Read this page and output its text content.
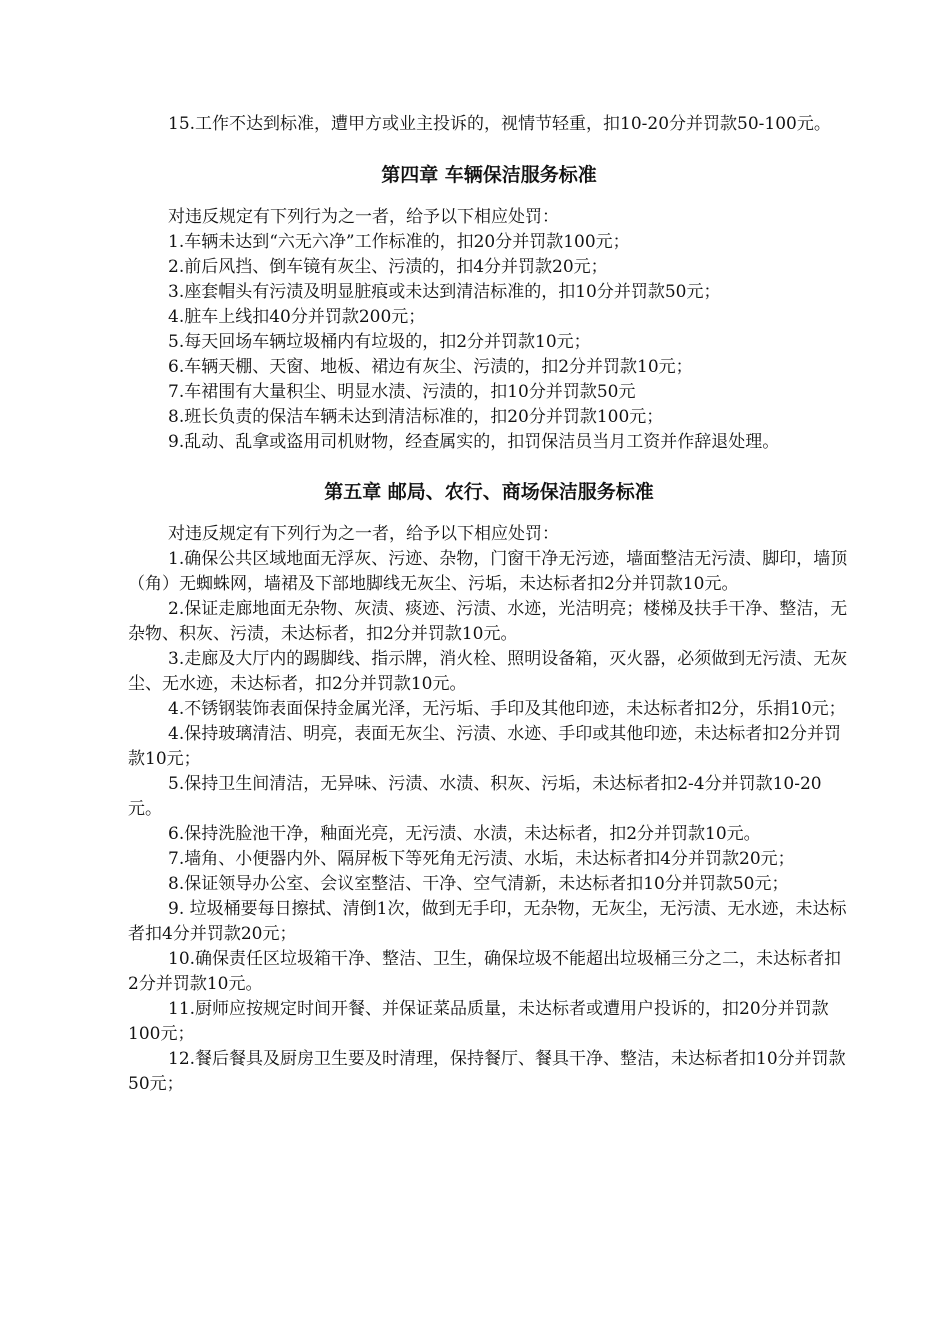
15.工作不达到标准，遭甲方或业主投诉的，视情节轻重，扣10-20分并罚款50-100元。

第四章 车辆保洁服务标准

对违反规定有下列行为之一者，给予以下相应处罚：

1.车辆未达到“六无六净”工作标准的，扣20分并罚款100元；

2.前后风挡、倒车镜有灰尘、污渍的，扣4分并罚款20元；

3.座套帽头有污渍及明显脏痕或未达到清洁标准的，扣10分并罚款50元；

4.脏车上线扣40分并罚款200元；

5.每天回场车辆垃圾桶内有垃圾的，扣2分并罚款10元；

6.车辆天棚、天窗、地板、裙边有灰尘、污渍的，扣2分并罚款10元；

7.车裙围有大量积尘、明显水渍、污渍的，扣10分并罚款50元

8.班长负责的保洁车辆未达到清洁标准的，扣20分并罚款100元；

9.乱动、乱拿或盗用司机财物，经查属实的，扣罚保洁员当月工资并作辞退处理。

第五章 邮局、农行、商场保洁服务标准

对违反规定有下列行为之一者，给予以下相应处罚：

1.确保公共区域地面无浮灰、污迹、杂物，门窗干净无污迹，墙面整洁无污渍、脚印，墙顶（角）无蜘蛛网，墙裙及下部地脚线无灰尘、污垢，未达标者扣2分并罚款10元。

2.保证走廊地面无杂物、灰渍、痰迹、污渍、水迹，光洁明亮；楼梯及扶手干净、整洁，无杂物、积灰、污渍，未达标者，扣2分并罚款10元。

3.走廊及大厅内的踢脚线、指示牌，消火栓、照明设备箱，灭火器，必须做到无污渍、无灰尘、无水迹，未达标者，扣2分并罚款10元。

4.不锈钢装饰表面保持金属光泽，无污垢、手印及其他印迹，未达标者扣2分，乐捐10元；

4.保持玻璃清洁、明亮，表面无灰尘、污渍、水迹、手印或其他印迹，未达标者扣2分并罚款10元；

5.保持卫生间清洁，无异味、污渍、水渍、积灰、污垢，未达标者扣2-4分并罚款10-20元。

6.保持洗脸池干净，釉面光亮，无污渍、水渍，未达标者，扣2分并罚款10元。

7.墙角、小便器内外、隔屏板下等死角无污渍、水垢，未达标者扣4分并罚款20元；

8.保证领导办公室、会议室整洁、干净、空气清新，未达标者扣10分并罚款50元；

9. 垃圾桶要每日擦拭、清倒1次，做到无手印，无杂物，无灰尘，无污渍、无水迹，未达标者扣4分并罚款20元；

10.确保责任区垃圾箱干净、整洁、卫生，确保垃圾不能超出垃圾桶三分之二，未达标者扣2分并罚款10元。

11.厨师应按规定时间开餐、并保证菜品质量，未达标者或遭用户投诉的，扣20分并罚款100元；

12.餐后餐具及厨房卫生要及时清理，保持餐厅、餐具干净、整洁，未达标者扣10分并罚款50元；
